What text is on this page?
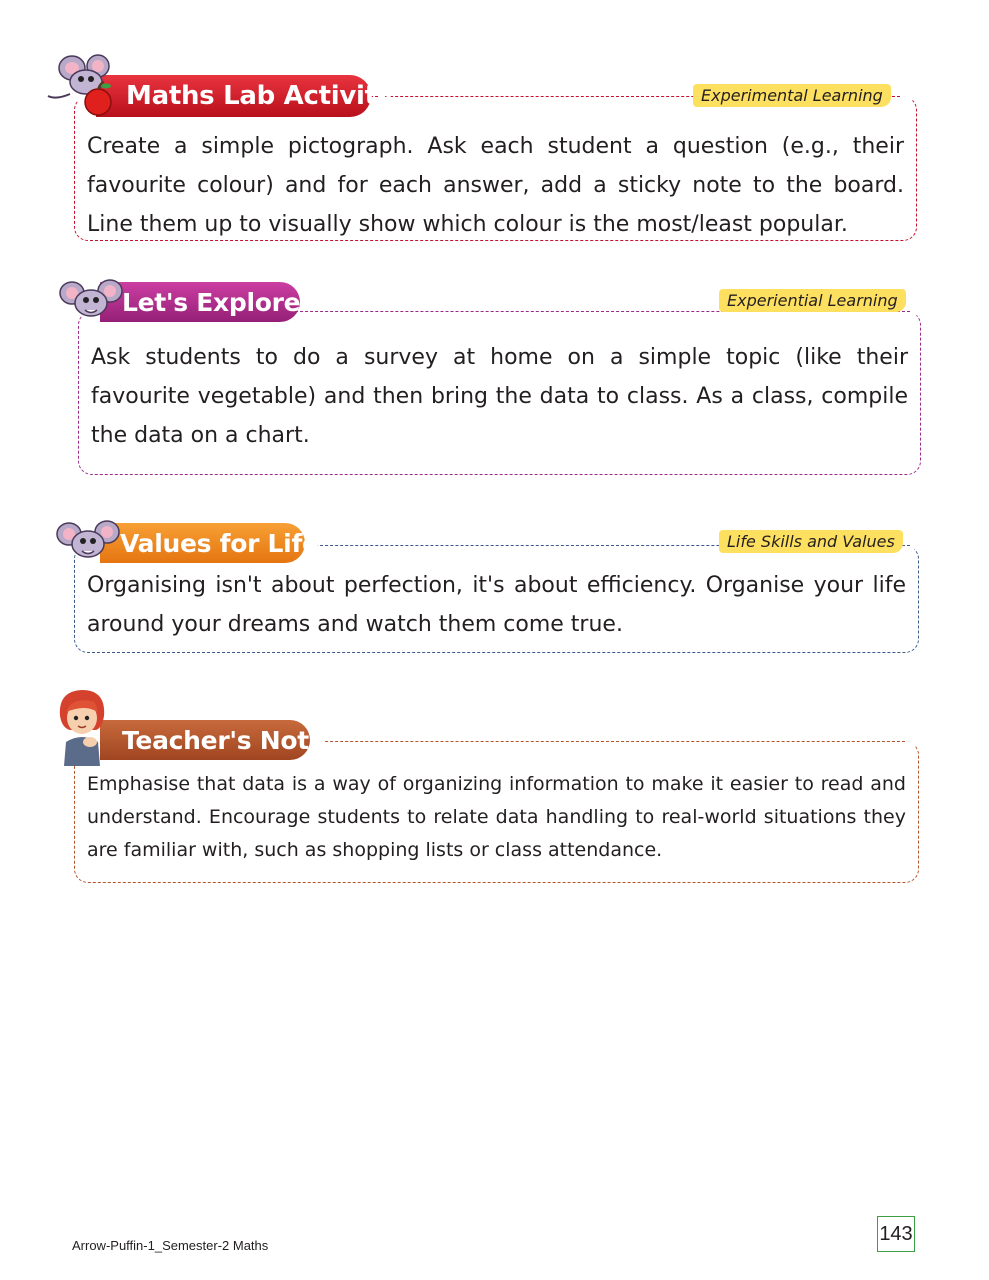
Create a simple pictograph. Ask each student a question (e.g., their favourite colour) and for each answer, add a sticky note to the board. Line them up to visually show which colour is the most/least popular.

Maths Lab Activity	Experimental Learning

Ask students to do a survey at home on a simple topic (like their favourite vegetable) and then bring the data to class. As a class, compile the data on a chart.

Let's Explore	Experiential Learning

Organising isn't about perfection, it's about efficiency. Organise your life around your dreams and watch them come true.

Values for Life	Life Skills and Values

Emphasise that data is a way of organizing information to make it easier to read and understand. Encourage students to relate data handling to real-world situations they are familiar with, such as shopping lists or class attendance.

Teacher's Note
Arrow-Puffin-1_Semester-2 Maths
143
